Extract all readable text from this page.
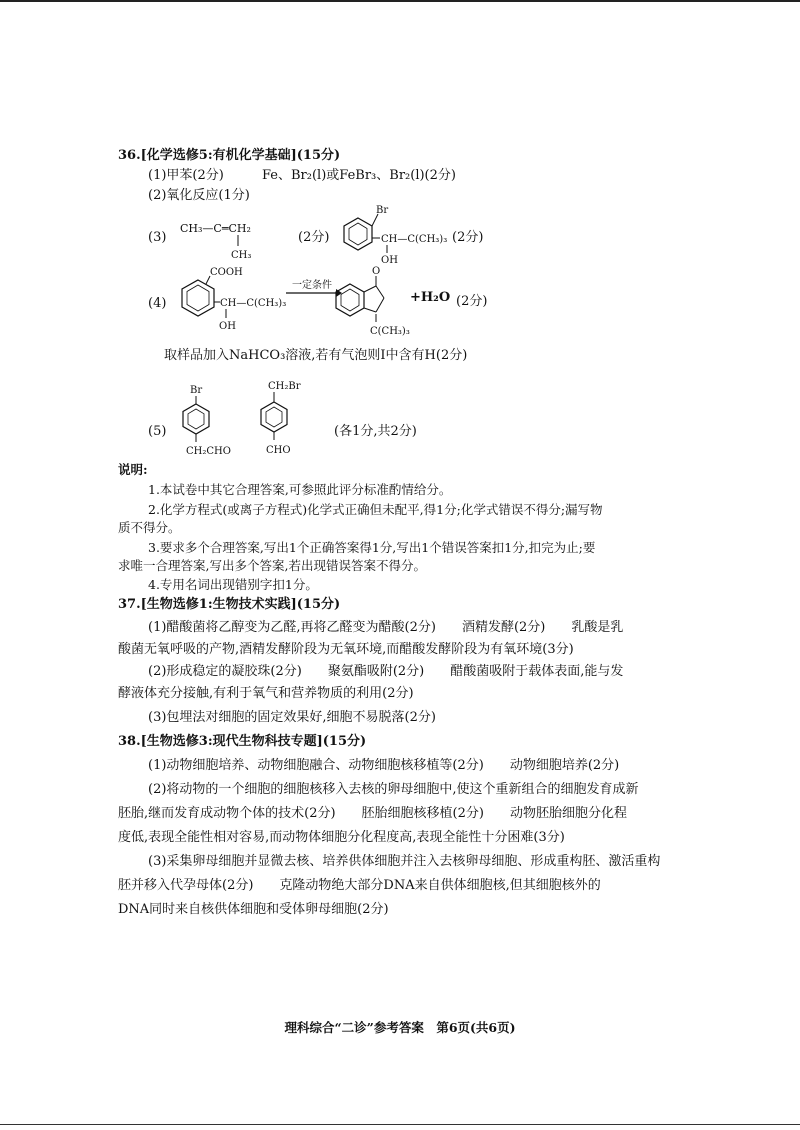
36.[化学选修5:有机化学基础](15分)
(1)甲苯(2分)	Fe、Br₂(l)或FeBr₃、Br₂(l)(2分)
(2)氧化反应(1分)
(3)
CH₃—C═CH₂
CH₃
(2分)
Br
CH—C(CH₃)₃
OH
(2分)
(4)
COOH
CH—C(CH₃)₃
OH
一定条件
O
C(CH₃)₃
+H₂O (2分)
取样品加入NaHCO₃溶液,若有气泡则Ⅰ中含有H(2分)
(5)
Br
CH₂CHO
CH₂Br
CHO
(各1分,共2分)
说明:
1.本试卷中其它合理答案,可参照此评分标准酌情给分。
2.化学方程式(或离子方程式)化学式正确但未配平,得1分;化学式错误不得分;漏写物
质不得分。
3.要求多个合理答案,写出1个正确答案得1分,写出1个错误答案扣1分,扣完为止;要
求唯一合理答案,写出多个答案,若出现错误答案不得分。
4.专用名词出现错别字扣1分。
37.[生物选修1:生物技术实践](15分)
(1)醋酸菌将乙醇变为乙醛,再将乙醛变为醋酸(2分)　　酒精发酵(2分)　　乳酸是乳
酸菌无氧呼吸的产物,酒精发酵阶段为无氧环境,而醋酸发酵阶段为有氧环境(3分)
(2)形成稳定的凝胶珠(2分)　　聚氨酯吸附(2分)　　醋酸菌吸附于载体表面,能与发
酵液体充分接触,有利于氧气和营养物质的利用(2分)
(3)包埋法对细胞的固定效果好,细胞不易脱落(2分)
38.[生物选修3:现代生物科技专题](15分)
(1)动物细胞培养、动物细胞融合、动物细胞核移植等(2分)　　动物细胞培养(2分)
(2)将动物的一个细胞的细胞核移入去核的卵母细胞中,使这个重新组合的细胞发育成新
胚胎,继而发育成动物个体的技术(2分)　　胚胎细胞核移植(2分)　　动物胚胎细胞分化程
度低,表现全能性相对容易,而动物体细胞分化程度高,表现全能性十分困难(3分)
(3)采集卵母细胞并显微去核、培养供体细胞并注入去核卵母细胞、形成重构胚、激活重构
胚并移入代孕母体(2分)　　克隆动物绝大部分DNA来自供体细胞核,但其细胞核外的
DNA同时来自核供体细胞和受体卵母细胞(2分)
理科综合“二诊”参考答案　第6页(共6页)
